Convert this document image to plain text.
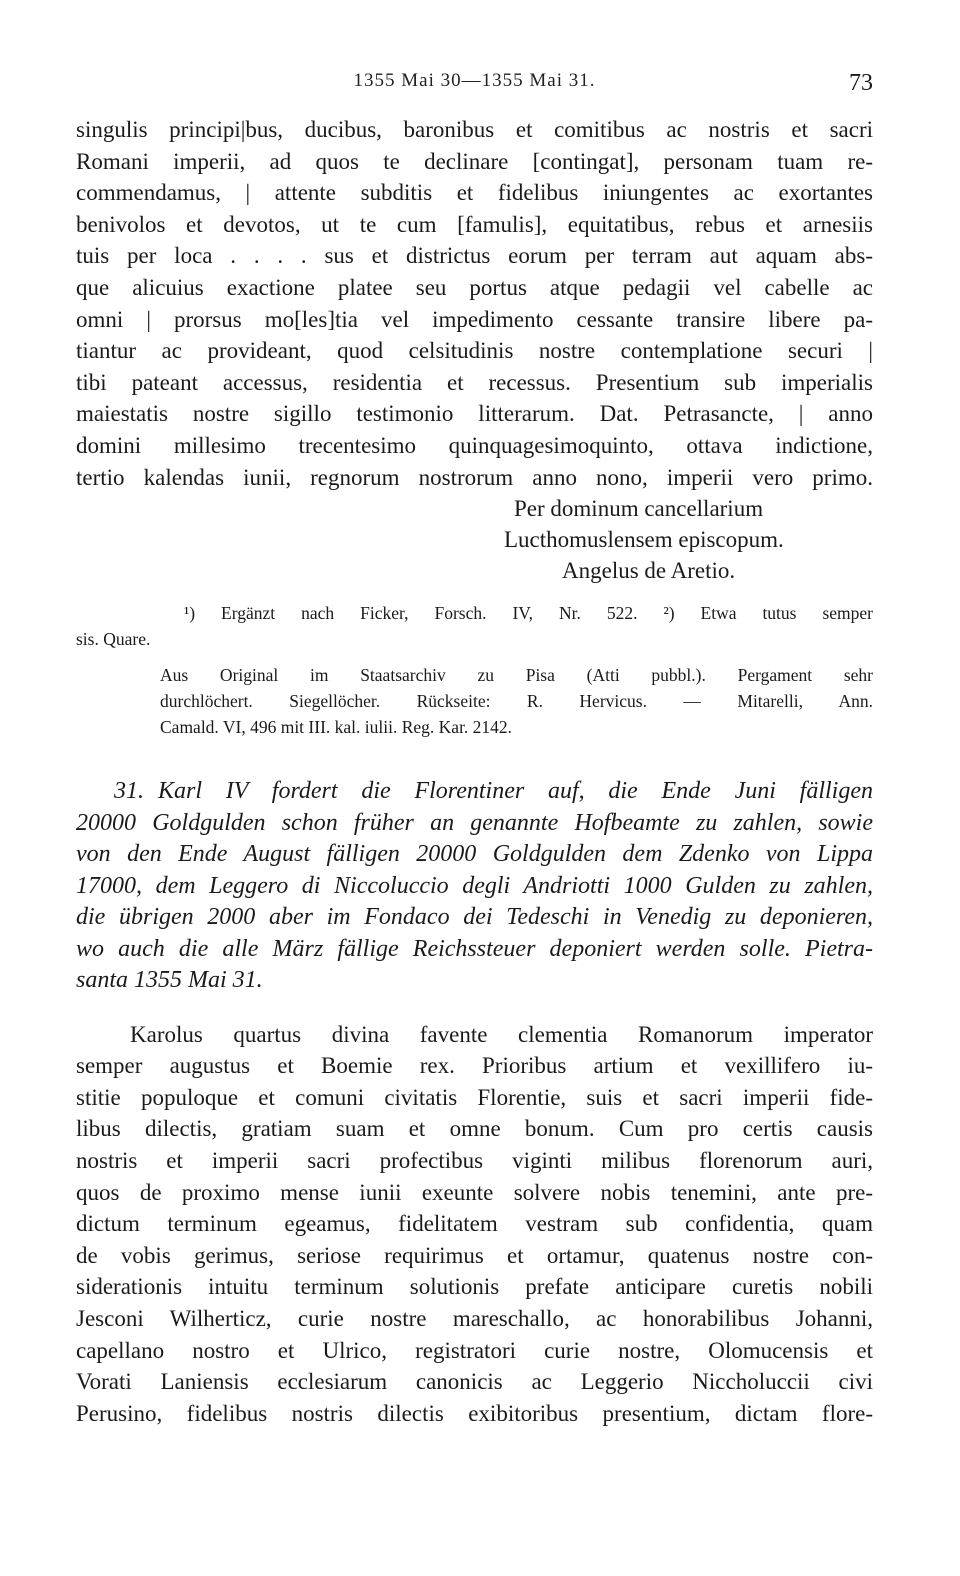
1355 Mai 30—1355 Mai 31.	73
singulis principi|bus, ducibus, baronibus et comitibus ac nostris et sacri
Romani imperii, ad quos te declinare [contingat], personam tuam re-
commendamus, | attente subditis et fidelibus iniungentes ac exortantes
benivolos et devotos, ut te cum [famulis], equitatibus, rebus et arnesiis
tuis per loca . . . . sus et districtus eorum per terram aut aquam abs-
que alicuius exactione platee seu portus atque pedagii vel cabelle ac
omni | prorsus mo[les]tia vel impedimento cessante transire libere pa-
tiantur ac provideant, quod celsitudinis nostre contemplatione securi |
tibi pateant accessus, residentia et recessus. Presentium sub imperialis
maiestatis nostre sigillo testimonio litterarum. Dat. Petrasancte, | anno
domini millesimo trecentesimo quinquagesimoquinto, ottava indictione,
tertio kalendas iunii, regnorum nostrorum anno nono, imperii vero primo.
Per dominum cancellarium
Lucthomuslensem episcopum.
Angelus de Aretio.
¹) Ergänzt nach Ficker, Forsch. IV, Nr. 522. ²) Etwa tutus semper
sis. Quare.
Aus Original im Staatsarchiv zu Pisa (Atti pubbl.). Pergament sehr
durchlöchert. Siegellöcher. Rückseite: R. Hervicus. — Mitarelli, Ann.
Camald. VI, 496 mit III. kal. iulii. Reg. Kar. 2142.
31. Karl IV fordert die Florentiner auf, die Ende Juni fälligen
20000 Goldgulden schon früher an genannte Hofbeamte zu zahlen, sowie
von den Ende August fälligen 20000 Goldgulden dem Zdenko von Lippa
17000, dem Leggero di Niccoluccio degli Andriotti 1000 Gulden zu zahlen,
die übrigen 2000 aber im Fondaco dei Tedeschi in Venedig zu deponieren,
wo auch die alle März fällige Reichssteuer deponiert werden solle. Pietra-
santa 1355 Mai 31.
Karolus quartus divina favente clementia Romanorum imperator
semper augustus et Boemie rex. Prioribus artium et vexillifero iu-
stitie populoque et comuni civitatis Florentie, suis et sacri imperii fide-
libus dilectis, gratiam suam et omne bonum. Cum pro certis causis
nostris et imperii sacri profectibus viginti milibus florenorum auri,
quos de proximo mense iunii exeunte solvere nobis tenemini, ante pre-
dictum terminum egeamus, fidelitatem vestram sub confidentia, quam
de vobis gerimus, seriose requirimus et ortamur, quatenus nostre con-
siderationis intuitu terminum solutionis prefate anticipare curetis nobili
Jesconi Wilherticz, curie nostre mareschallo, ac honorabilibus Johanni,
capellano nostro et Ulrico, registratori curie nostre, Olomucensis et
Vorati Laniensis ecclesiarum canonicis ac Leggerio Niccholuccii civi
Perusino, fidelibus nostris dilectis exibitoribus presentium, dictam flore-
